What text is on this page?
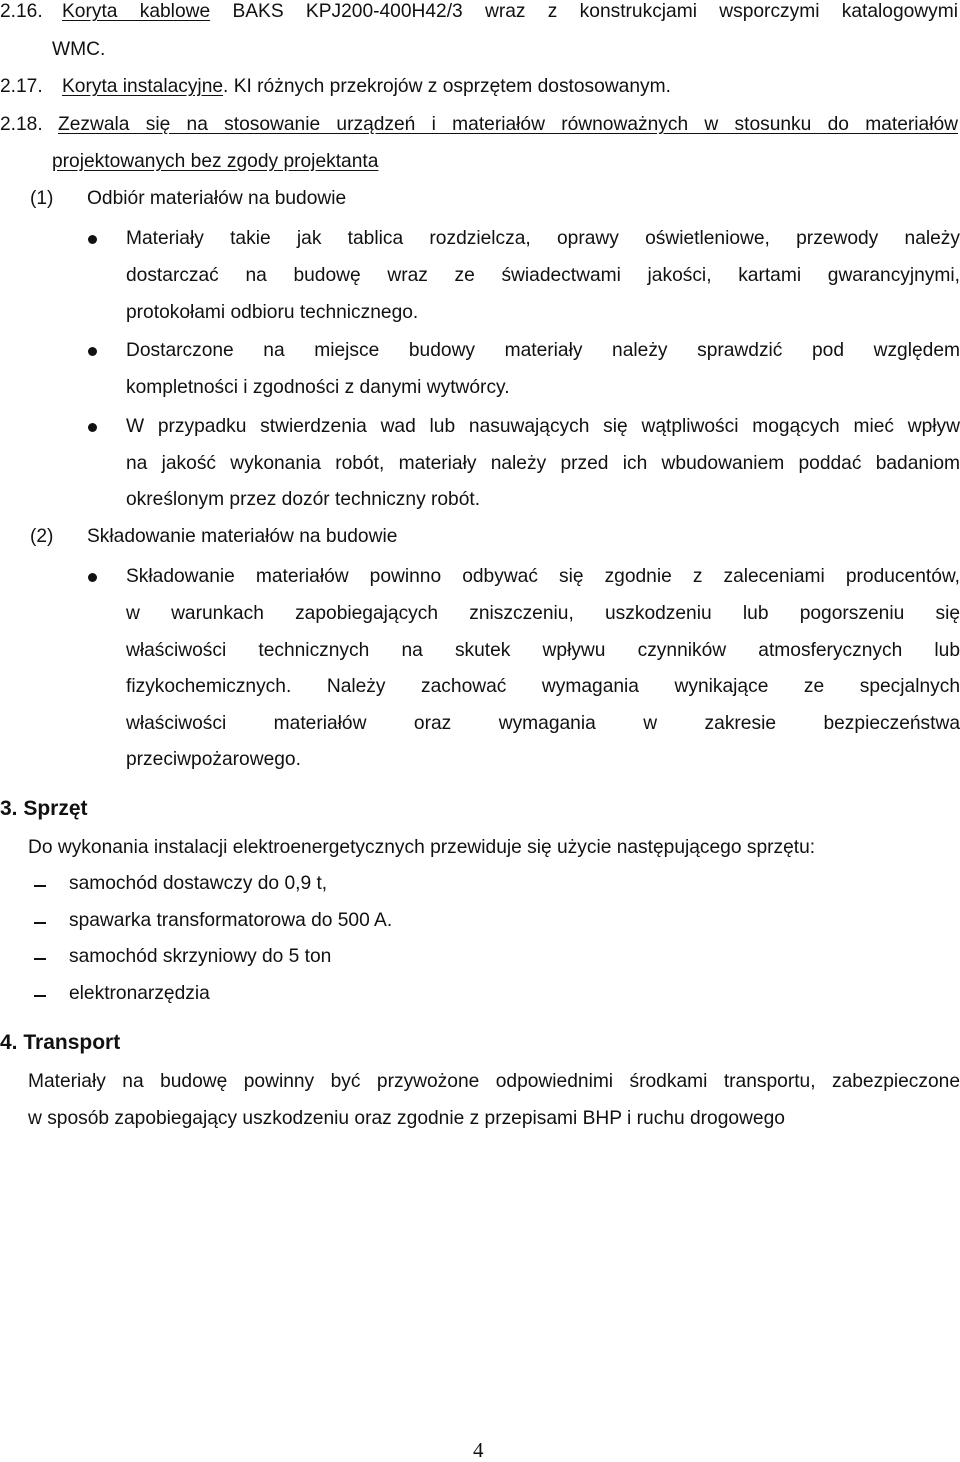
2.16. Koryta kablowe BAKS KPJ200-400H42/3 wraz z konstrukcjami wsporczymi katalogowymi
WMC.
2.17. Koryta instalacyjne. KI różnych przekrojów z osprzętem dostosowanym.
2.18. Zezwala się na stosowanie urządzeń i materiałów równoważnych w stosunku do materiałów
projektowanych bez zgody projektanta
(1) Odbiór materiałów na budowie
Materiały takie jak tablica rozdzielcza, oprawy oświetleniowe, przewody należy
dostarczać na budowę wraz ze świadectwami jakości, kartami gwarancyjnymi,
protokołami odbioru technicznego.
Dostarczone na miejsce budowy materiały należy sprawdzić pod względem
kompletności i zgodności z danymi wytwórcy.
W przypadku stwierdzenia wad lub nasuwających się wątpliwości mogących mieć wpływ
na jakość wykonania robót, materiały należy przed ich wbudowaniem poddać badaniom
określonym przez dozór techniczny robót.
(2) Składowanie materiałów na budowie
Składowanie materiałów powinno odbywać się zgodnie z zaleceniami producentów,
w warunkach zapobiegających zniszczeniu, uszkodzeniu lub pogorszeniu się
właściwości technicznych na skutek wpływu czynników atmosferycznych lub
fizykochemicznych. Należy zachować wymagania wynikające ze specjalnych
właściwości materiałów oraz wymagania w zakresie bezpieczeństwa
przeciwpożarowego.
3. Sprzęt
Do wykonania instalacji elektroenergetycznych przewiduje się użycie następującego sprzętu:
samochód dostawczy do 0,9 t,
spawarka transformatorowa do 500 A.
samochód skrzyniowy do 5 ton
elektronarzędzia
4. Transport
Materiały na budowę powinny być przywożone odpowiednimi środkami transportu, zabezpieczone
w sposób zapobiegający uszkodzeniu oraz zgodnie z przepisami BHP i ruchu drogowego
4
